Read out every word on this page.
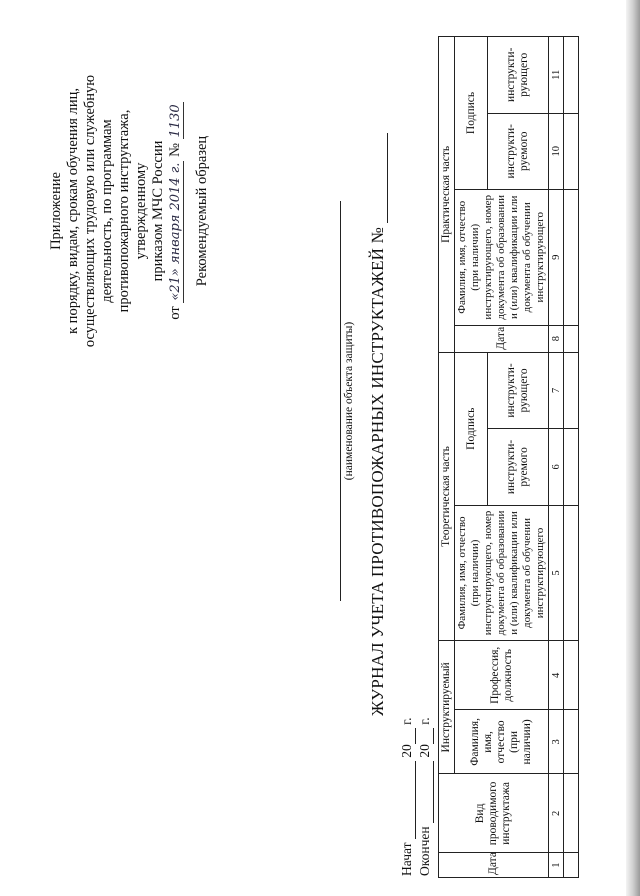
Приложение к порядку, видам, срокам обучения лиц, осуществляющих трудовую или служебную деятельность, по программам противопожарного инструктажа, утвержденному приказом МЧС России
от «21» января 2014 г. № 1130
Рекомендуемый образец
(наименование объекта защиты) ЖУРНАЛ УЧЕТА ПРОТИВОПОЖАРНЫХ ИНСТРУКТАЖЕЙ №
Начат  20 г.
Окончен  20 г.
Дата	Вид проводимого инструктажа	Инструктируемый		Теоретическая часть			Практическая часть			
		Фамилия, имя, отчество (при наличии)	Профессия, должность	Фамилия, имя, отчество (при наличии) инструктирующего, номер документа об образовании и (или) квалификации или документа об обучении инструктирующего	Подпись		Дата	Фамилия, имя, отчество (при наличии) инструктирующего, номер документа об образовании и (или) квалификации или документа об обучении инструктирующего	Подпись	
					инструкти-руемого	инструкти-рующего			инструкти-руемого	инструкти-рующего
1	2	3	4	5	6	7	8	9	10	11
